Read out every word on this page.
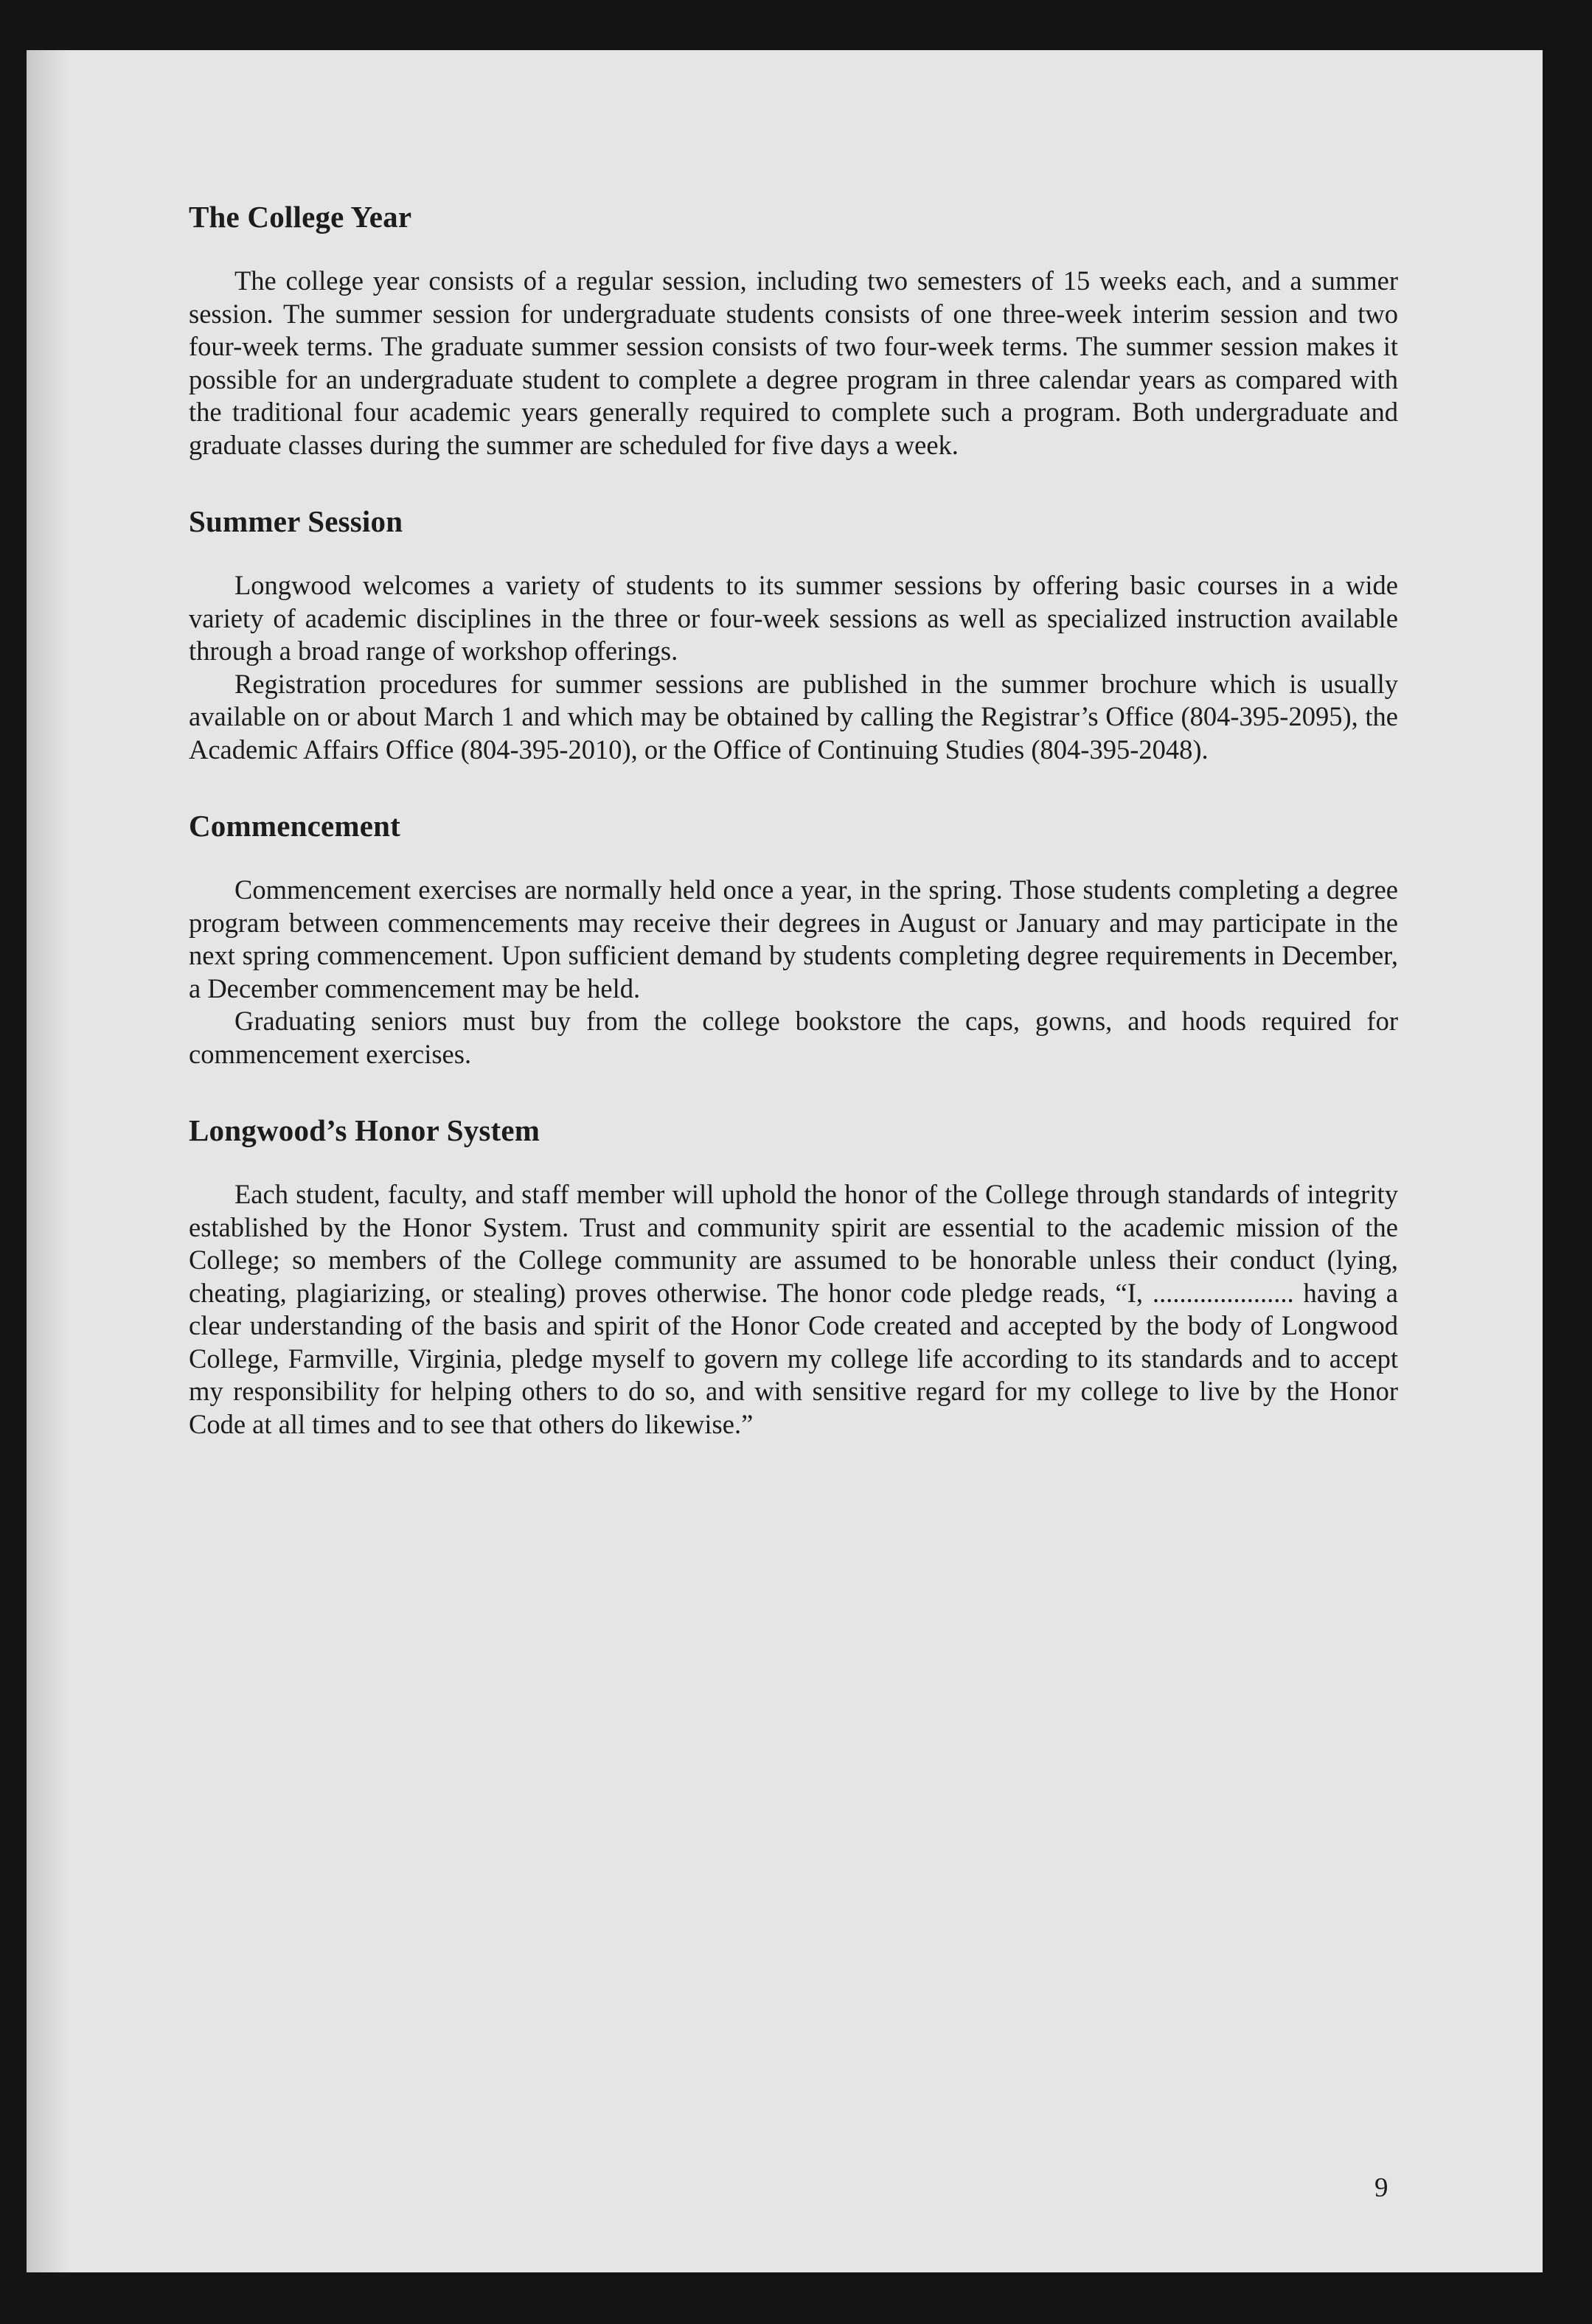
The College Year

The college year consists of a regular session, including two semesters of 15 weeks each, and a summer session. The summer session for undergraduate students consists of one three-week interim session and two four-week terms. The graduate summer session consists of two four-week terms. The summer session makes it possible for an undergraduate student to complete a degree program in three calendar years as compared with the traditional four academic years generally required to complete such a program. Both undergraduate and graduate classes during the summer are scheduled for five days a week.

Summer Session

Longwood welcomes a variety of students to its summer sessions by offering basic courses in a wide variety of academic disciplines in the three or four-week sessions as well as specialized instruction available through a broad range of workshop offerings.

Registration procedures for summer sessions are published in the summer brochure which is usually available on or about March 1 and which may be obtained by calling the Registrar’s Office (804-395-2095), the Academic Affairs Office (804-395-2010), or the Office of Continuing Studies (804-395-2048).

Commencement

Commencement exercises are normally held once a year, in the spring. Those students completing a degree program between commencements may receive their degrees in August or January and may participate in the next spring commencement. Upon sufficient demand by students completing degree requirements in December, a December commencement may be held.

Graduating seniors must buy from the college bookstore the caps, gowns, and hoods required for commencement exercises.

Longwood’s Honor System

Each student, faculty, and staff member will uphold the honor of the College through standards of integrity established by the Honor System. Trust and community spirit are essential to the academic mission of the College; so members of the College community are assumed to be honorable unless their conduct (lying, cheating, plagiarizing, or stealing) proves otherwise. The honor code pledge reads, “I, ..................... having a clear understanding of the basis and spirit of the Honor Code created and accepted by the body of Longwood College, Farmville, Virginia, pledge myself to govern my college life according to its standards and to accept my responsibility for helping others to do so, and with sensitive regard for my college to live by the Honor Code at all times and to see that others do likewise.”

9
